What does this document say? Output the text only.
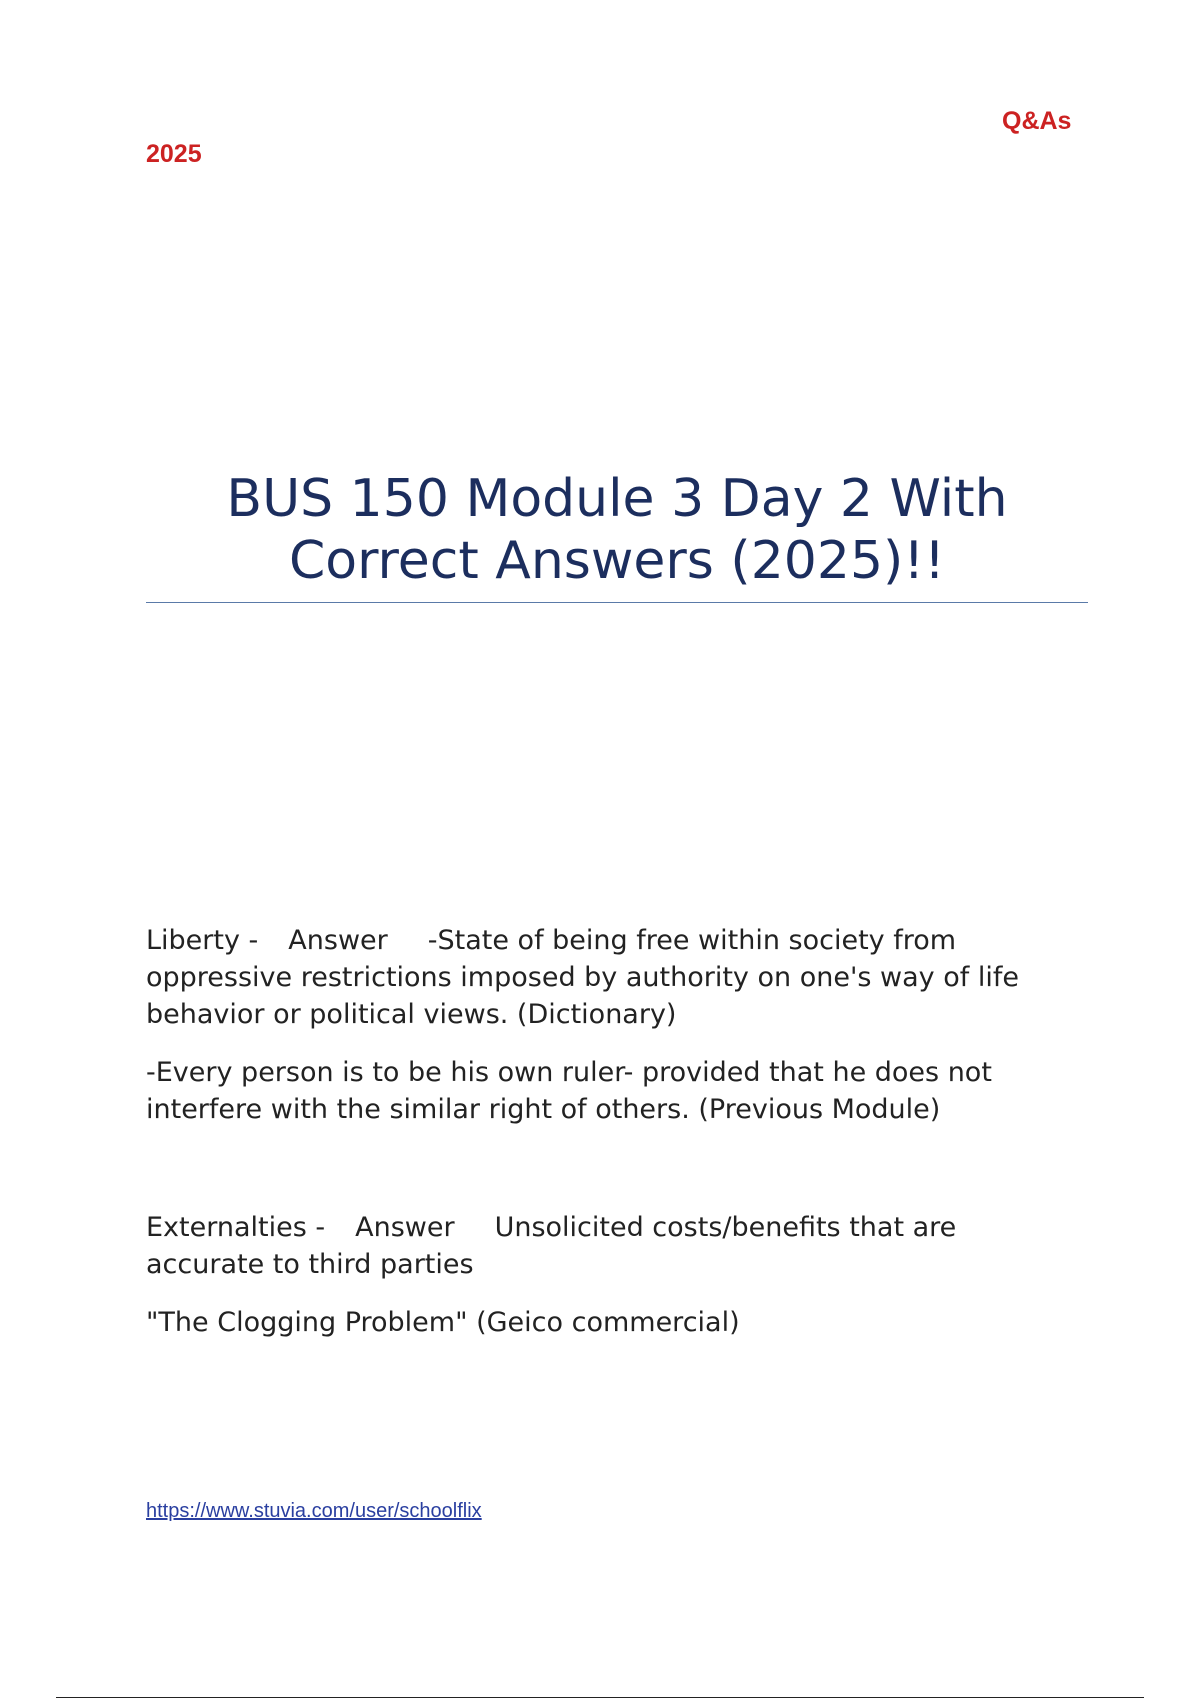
Q&As
2025

BUS 150 Module 3 Day 2 With

Correct Answers (2025)!!

Liberty - Answer -State of being free within society from

oppressive restrictions imposed by authority on one's way of life

behavior or political views. (Dictionary)

-Every person is to be his own ruler- provided that he does not

interfere with the similar right of others. (Previous Module)

Externalties - Answer Unsolicited costs/benefits that are

accurate to third parties

"The Clogging Problem" (Geico commercial)

https://www.stuvia.com/user/schoolflix
